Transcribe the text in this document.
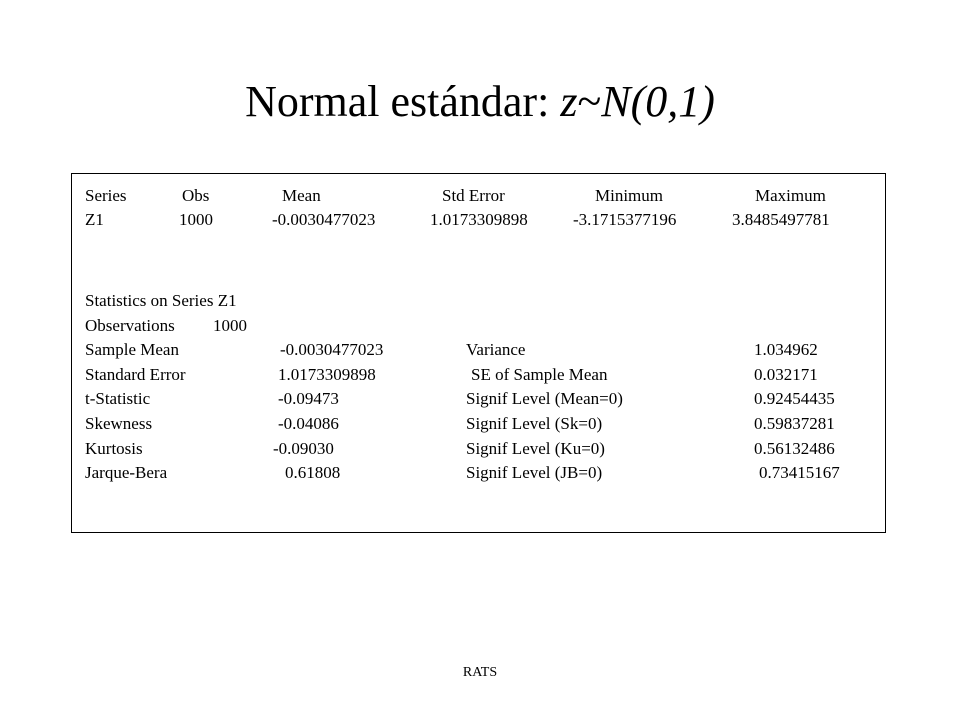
Normal estándar: z~N(0,1)
Series	Obs	Mean	Std Error	Minimum	Maximum
Z1	1000	-0.0030477023	1.0173309898	-3.1715377196	3.8485497781
Statistics on Series Z1
Observations 1000
Sample Mean	-0.0030477023	Variance	1.034962
Standard Error	1.0173309898	SE of Sample Mean	0.032171
t-Statistic	-0.09473	Signif Level (Mean=0)	0.92454435
Skewness	-0.04086	Signif Level (Sk=0)	0.59837281
Kurtosis	-0.09030	Signif Level (Ku=0)	0.56132486
Jarque-Bera	0.61808	Signif Level (JB=0)	0.73415167
RATS
